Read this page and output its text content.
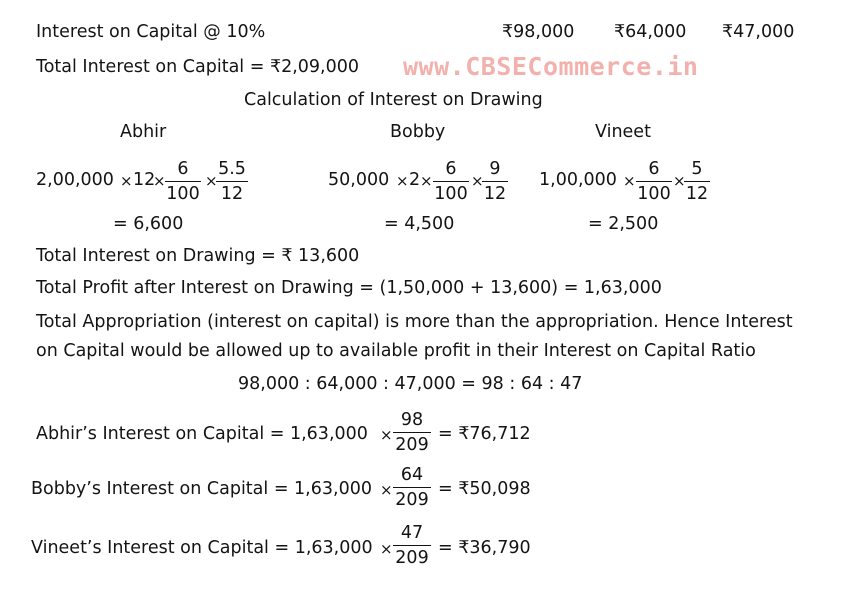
Interest on Capital @ 10%	₹98,000 ₹64,000 ₹47,000
Total Interest on Capital = ₹2,09,000 www.CBSECommerce.in
Calculation of Interest on Drawing
Abhir	Bobby	Vineet
2,00,000 × 12
×
6
100
×
5.5
12
= 6,600
50,000 × 2 ×
6
100
×
9
12
= 4,500
1,00,000 ×
6
100
×
5
12
= 2,500
Total Interest on Drawing = ₹ 13,600
Total Profit after Interest on Drawing = (1,50,000 + 13,600) = 1,63,000
Total Appropriation (interest on capital) is more than the appropriation. Hence Interest
on Capital would be allowed up to available profit in their Interest on Capital Ratio
98,000 : 64,000 : 47,000 = 98 : 64 : 47
Abhir’s Interest on Capital = 1,63,000 ×
98
209
= ₹76,712
Bobby’s Interest on Capital = 1,63,000 ×
64
209
= ₹50,098
Vineet’s Interest on Capital = 1,63,000 ×
47
209 = ₹36,790
